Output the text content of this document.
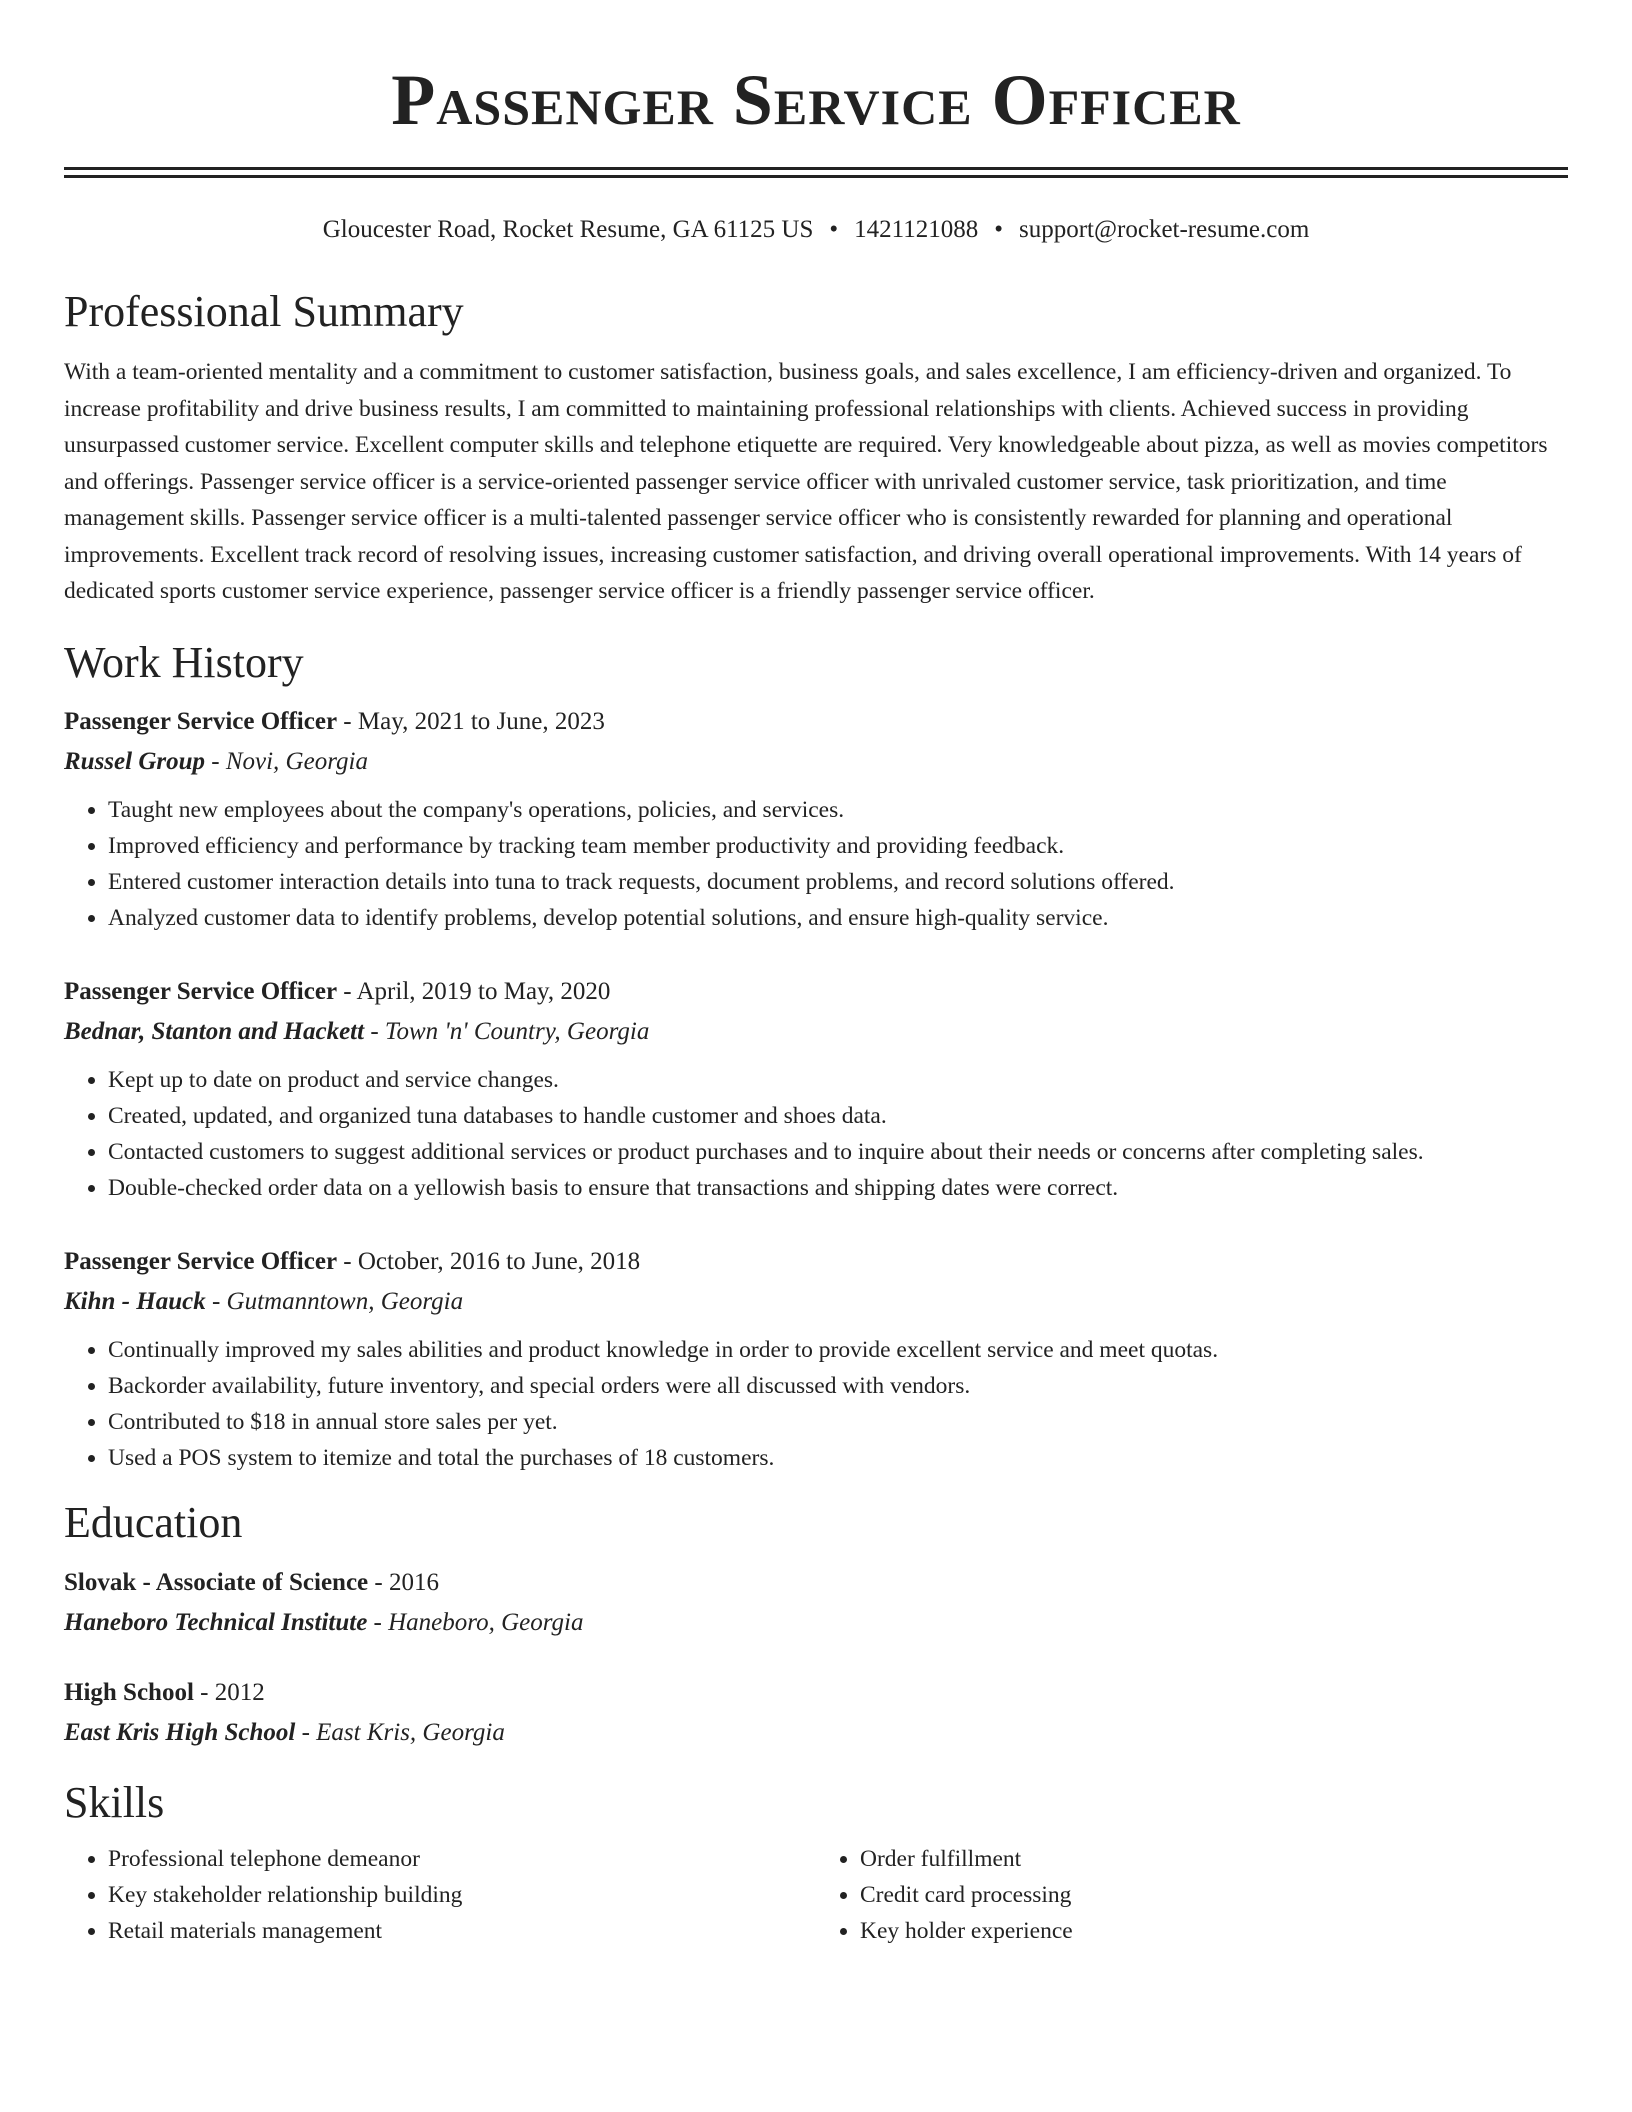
Passenger Service Officer
Gloucester Road, Rocket Resume, GA 61125 US • 1421121088 • support@rocket-resume.com
Professional Summary
With a team-oriented mentality and a commitment to customer satisfaction, business goals, and sales excellence, I am efficiency-driven and organized. To increase profitability and drive business results, I am committed to maintaining professional relationships with clients. Achieved success in providing unsurpassed customer service. Excellent computer skills and telephone etiquette are required. Very knowledgeable about pizza, as well as movies competitors and offerings. Passenger service officer is a service-oriented passenger service officer with unrivaled customer service, task prioritization, and time management skills. Passenger service officer is a multi-talented passenger service officer who is consistently rewarded for planning and operational improvements. Excellent track record of resolving issues, increasing customer satisfaction, and driving overall operational improvements. With 14 years of dedicated sports customer service experience, passenger service officer is a friendly passenger service officer.
Work History
Passenger Service Officer - May, 2021 to June, 2023
Russel Group - Novi, Georgia
• Taught new employees about the company's operations, policies, and services.
• Improved efficiency and performance by tracking team member productivity and providing feedback.
• Entered customer interaction details into tuna to track requests, document problems, and record solutions offered.
• Analyzed customer data to identify problems, develop potential solutions, and ensure high-quality service.
Passenger Service Officer - April, 2019 to May, 2020
Bednar, Stanton and Hackett - Town 'n' Country, Georgia
• Kept up to date on product and service changes.
• Created, updated, and organized tuna databases to handle customer and shoes data.
• Contacted customers to suggest additional services or product purchases and to inquire about their needs or concerns after completing sales.
• Double-checked order data on a yellowish basis to ensure that transactions and shipping dates were correct.
Passenger Service Officer - October, 2016 to June, 2018
Kihn - Hauck - Gutmanntown, Georgia
• Continually improved my sales abilities and product knowledge in order to provide excellent service and meet quotas.
• Backorder availability, future inventory, and special orders were all discussed with vendors.
• Contributed to $18 in annual store sales per yet.
• Used a POS system to itemize and total the purchases of 18 customers.
Education
Slovak - Associate of Science - 2016
Haneboro Technical Institute - Haneboro, Georgia
High School - 2012
East Kris High School - East Kris, Georgia
Skills
• Professional telephone demeanor
• Key stakeholder relationship building
• Retail materials management
• Order fulfillment
• Credit card processing
• Key holder experience
